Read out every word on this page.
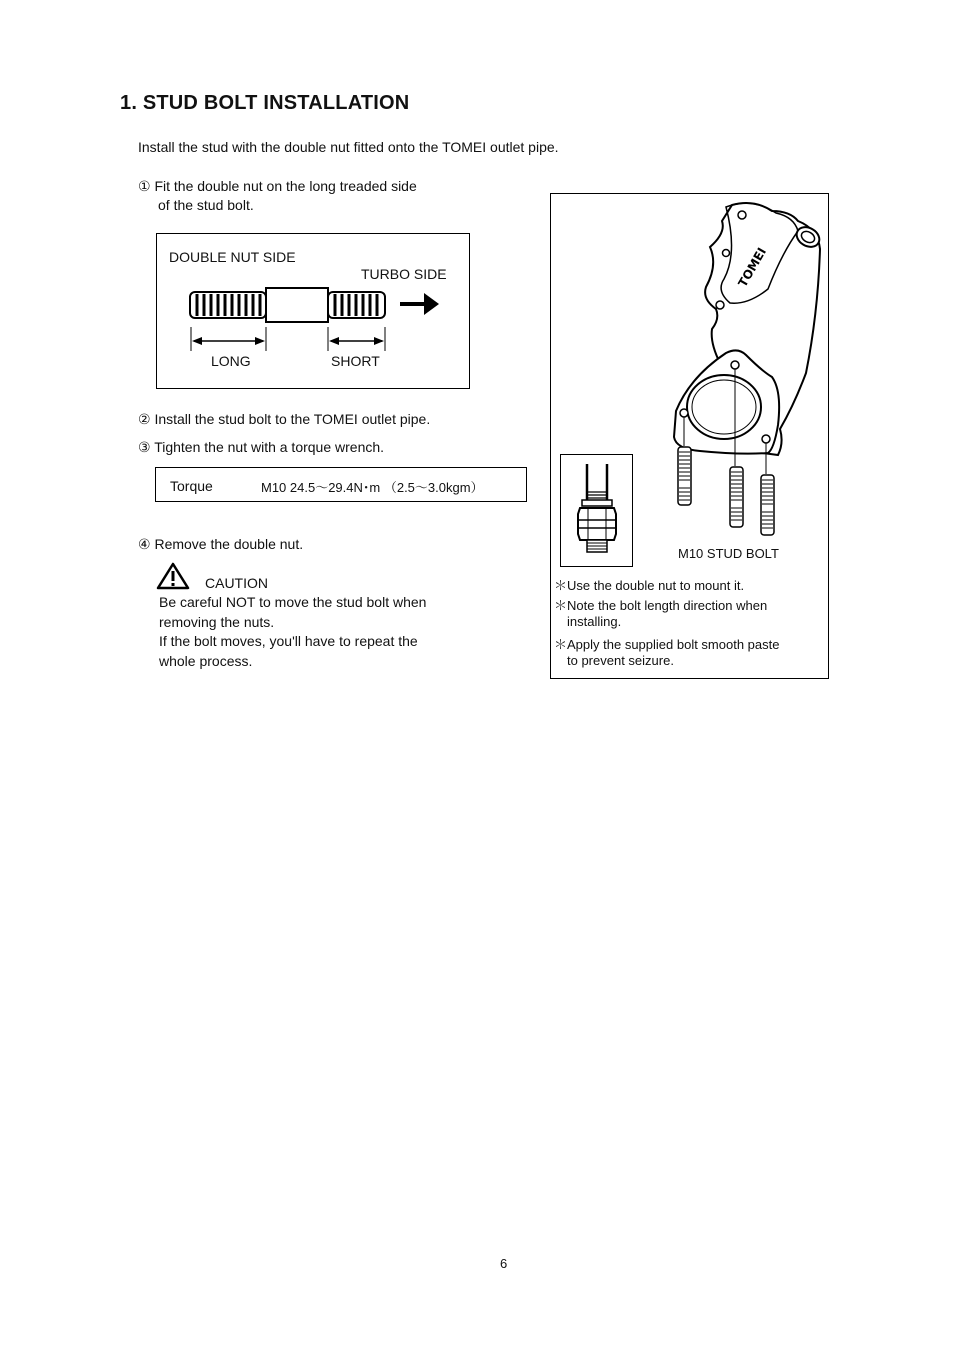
1. STUD BOLT INSTALLATION
Install the stud with the double nut fitted onto the TOMEI outlet pipe.
① Fit the double nut on the long treaded side
of the stud bolt.
DOUBLE NUT SIDE
TURBO SIDE
LONG	SHORT
② Install the stud bolt to the TOMEI outlet pipe.
③ Tighten the nut with a torque wrench.
Torque	M10 24.5～29.4N･m （2.5～3.0kgm）
④ Remove the double nut.
CAUTION
Be careful NOT to move the stud bolt when
removing the nuts.
If the bolt moves, you'll have to repeat the
whole process.
TOMEI
M10 STUD BOLT
＊Use the double nut to mount it.
＊Note the bolt length direction when
installing.
＊Apply the supplied bolt smooth paste
to prevent seizure.
6
